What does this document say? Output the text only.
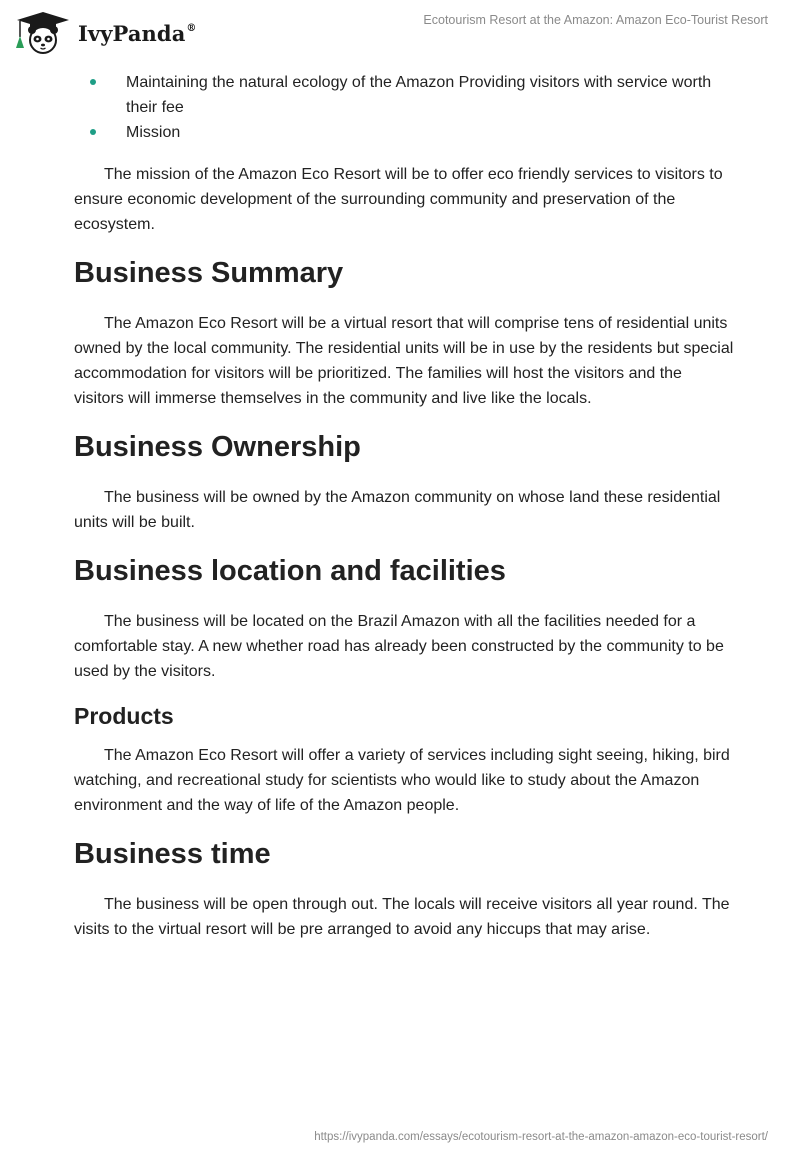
IvyPanda®
Ecotourism Resort at the Amazon: Amazon Eco-Tourist Resort
Maintaining the natural ecology of the Amazon Providing visitors with service worth their fee
Mission

The mission of the Amazon Eco Resort will be to offer eco friendly services to visitors to ensure economic development of the surrounding community and preservation of the ecosystem.

Business Summary

The Amazon Eco Resort will be a virtual resort that will comprise tens of residential units owned by the local community. The residential units will be in use by the residents but special accommodation for visitors will be prioritized. The families will host the visitors and the visitors will immerse themselves in the community and live like the locals.

Business Ownership

The business will be owned by the Amazon community on whose land these residential units will be built.

Business location and facilities

The business will be located on the Brazil Amazon with all the facilities needed for a comfortable stay. A new whether road has already been constructed by the community to be used by the visitors.

Products

The Amazon Eco Resort will offer a variety of services including sight seeing, hiking, bird watching, and recreational study for scientists who would like to study about the Amazon environment and the way of life of the Amazon people.

Business time

The business will be open through out. The locals will receive visitors all year round. The visits to the virtual resort will be pre arranged to avoid any hiccups that may arise.

https://ivypanda.com/essays/ecotourism-resort-at-the-amazon-amazon-eco-tourist-resort/
